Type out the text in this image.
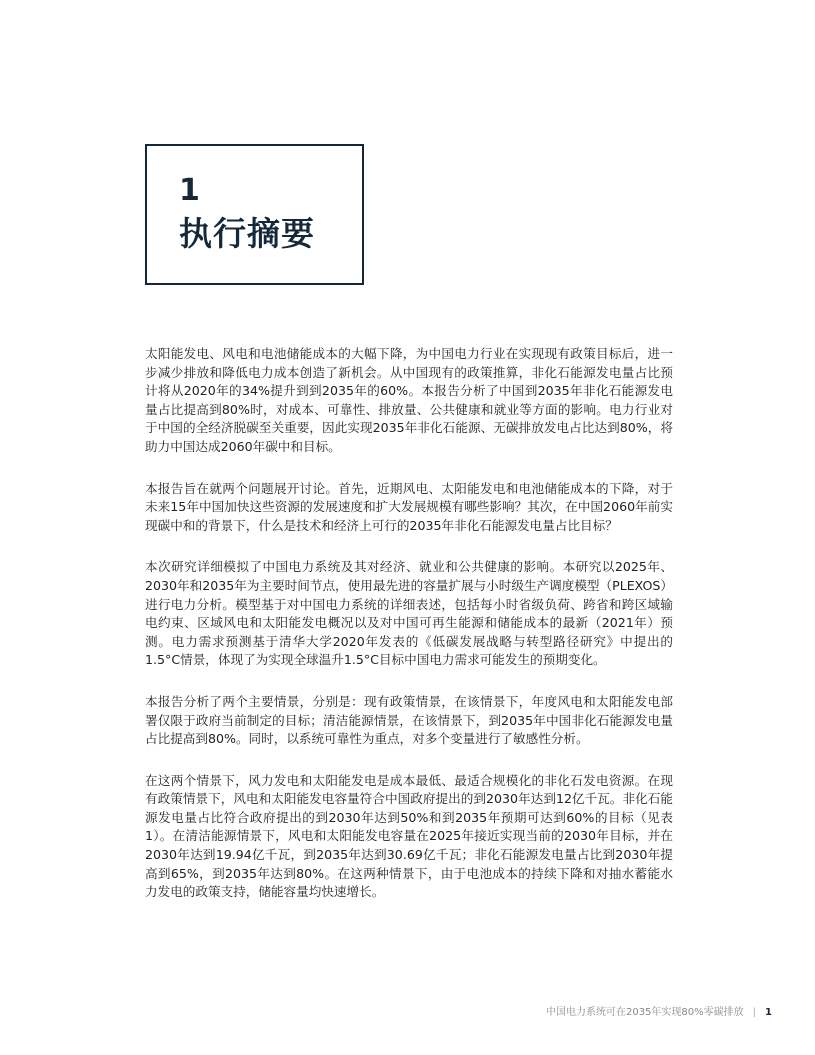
1
执行摘要

太阳能发电、风电和电池储能成本的大幅下降，为中国电力行业在实现现有政策目标后，进一步减少排放和降低电力成本创造了新机会。从中国现有的政策推算，非化石能源发电量占比预计将从2020年的34%提升到到2035年的60%。本报告分析了中国到2035年非化石能源发电量占比提高到80%时，对成本、可靠性、排放量、公共健康和就业等方面的影响。电力行业对于中国的全经济脱碳至关重要，因此实现2035年非化石能源、无碳排放发电占比达到80%，将助力中国达成2060年碳中和目标。

本报告旨在就两个问题展开讨论。首先，近期风电、太阳能发电和电池储能成本的下降，对于未来15年中国加快这些资源的发展速度和扩大发展规模有哪些影响？其次，在中国2060年前实现碳中和的背景下，什么是技术和经济上可行的2035年非化石能源发电量占比目标？

本次研究详细模拟了中国电力系统及其对经济、就业和公共健康的影响。本研究以2025年、2030年和2035年为主要时间节点，使用最先进的容量扩展与小时级生产调度模型（PLEXOS）进行电力分析。模型基于对中国电力系统的详细表述，包括每小时省级负荷、跨省和跨区域输电约束、区域风电和太阳能发电概况以及对中国可再生能源和储能成本的最新（2021年）预测。电力需求预测基于清华大学2020年发表的《低碳发展战略与转型路径研究》中提出的1.5°C情景，体现了为实现全球温升1.5°C目标中国电力需求可能发生的预期变化。

本报告分析了两个主要情景，分别是：现有政策情景，在该情景下，年度风电和太阳能发电部署仅限于政府当前制定的目标；清洁能源情景，在该情景下，到2035年中国非化石能源发电量占比提高到80%。同时，以系统可靠性为重点，对多个变量进行了敏感性分析。

在这两个情景下，风力发电和太阳能发电是成本最低、最适合规模化的非化石发电资源。在现有政策情景下，风电和太阳能发电容量符合中国政府提出的到2030年达到12亿千瓦。非化石能源发电量占比符合政府提出的到2030年达到50%和到2035年预期可达到60%的目标（见表1）。在清洁能源情景下，风电和太阳能发电容量在2025年接近实现当前的2030年目标，并在2030年达到19.94亿千瓦，到2035年达到30.69亿千瓦；非化石能源发电量占比到2030年提高到65%，到2035年达到80%。在这两种情景下，由于电池成本的持续下降和对抽水蓄能水力发电的政策支持，储能容量均快速增长。

中国电力系统可在2035年实现80%零碳排放 | 1
